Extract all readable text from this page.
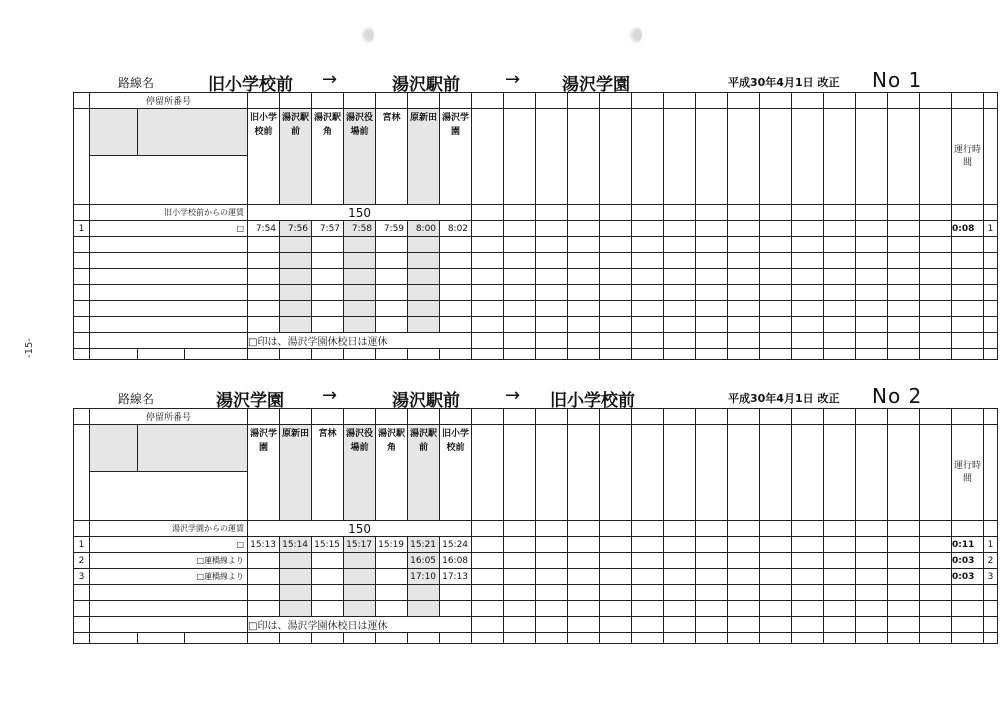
-15-
路線名	旧小学校前 →	湯沢駅前	→ 湯沢学園	平成30年4月1日 改正 No 1
	停留所番号																										

			旧小学校前	湯沢駅前	湯沢駅角	湯沢役場前	宮林	原新田	湯沢学園																運行時間	
	旧小学校前からの運賃			150																							
1	□			7:54	7:56	7:57	7:58	7:59	8:00	8:02																0:08	1

				□印は、湯沢学園休校日は運休																							

路線名	湯沢学園 →	湯沢駅前	→ 旧小学校前	平成30年4月1日 改正 No 2
	停留所番号																										

			湯沢学園	原新田	宮林	湯沢役場前	湯沢駅角	湯沢駅前	旧小学校前																運行時間	
	湯沢学園からの運賃			150																							
1	□			15:13	15:14	15:15	15:17	15:19	15:21	15:24																0:11	1
2	□蓮橋線より								16:05	16:08																0:03	2
3	□蓮橋線より								17:10	17:13																0:03	3

				□印は、湯沢学園休校日は運休																							
